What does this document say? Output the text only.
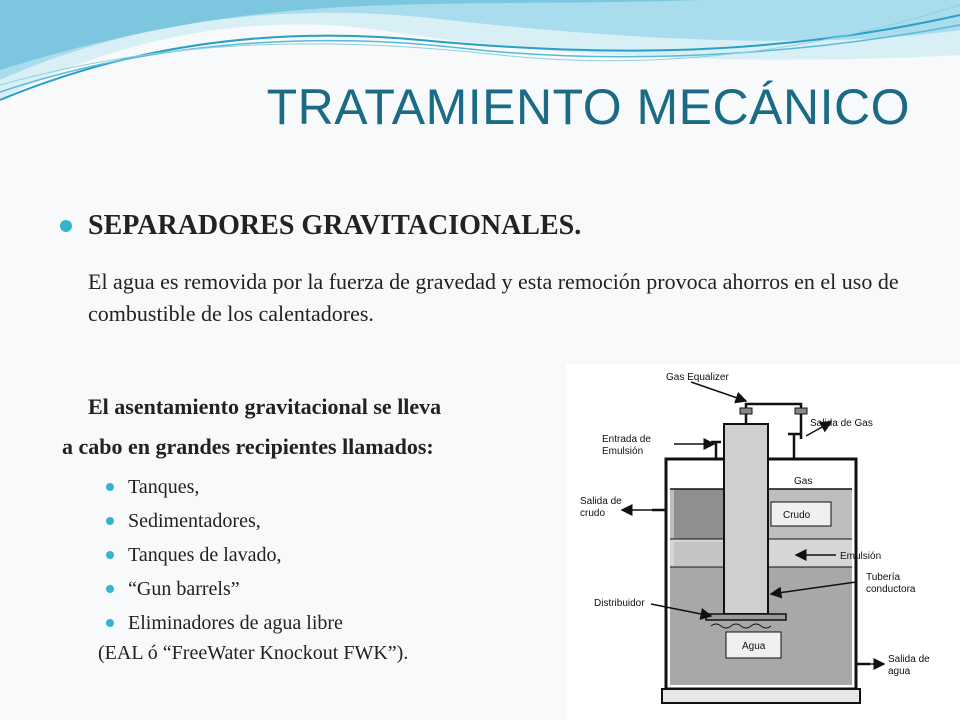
TRATAMIENTO MECÁNICO
SEPARADORES GRAVITACIONALES.
El agua es removida por la fuerza de gravedad y esta remoción provoca ahorros en el uso de combustible de los calentadores.
El asentamiento gravitacional se lleva
a cabo en grandes recipientes llamados:
Tanques,
Sedimentadores,
Tanques de lavado,
“Gun barrels”
Eliminadores de agua libre
(EAL ó “FreeWater Knockout FWK”).
Gas Equalizer
Salida de Gas
Entrada de
Emulsión
Gas
Salida de
crudo	Crudo
Emulsión
Tubería
conductora
Distribuidor
Agua
Salida de
agua
